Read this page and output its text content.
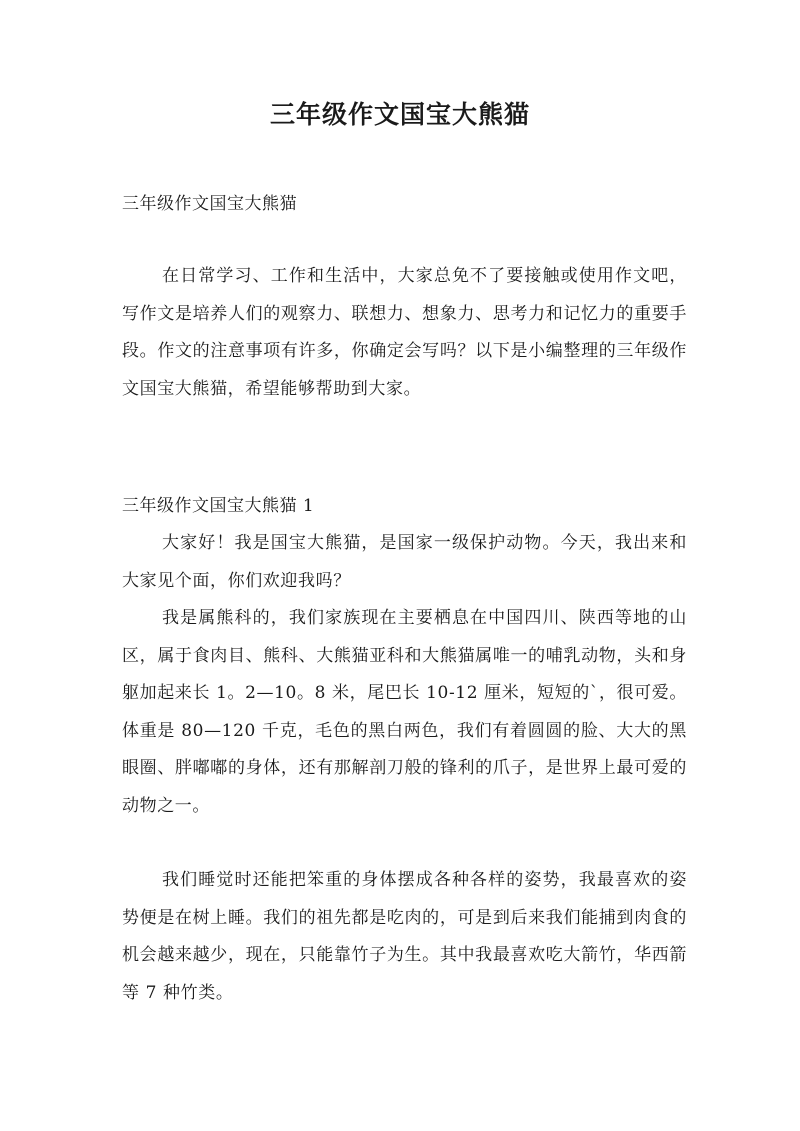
三年级作文国宝大熊猫
三年级作文国宝大熊猫

在日常学习、工作和生活中，大家总免不了要接触或使用作文吧，写作文是培养人们的观察力、联想力、想象力、思考力和记忆力的重要手段。作文的注意事项有许多，你确定会写吗？以下是小编整理的三年级作文国宝大熊猫，希望能够帮助到大家。

三年级作文国宝大熊猫 1

大家好！我是国宝大熊猫，是国家一级保护动物。今天，我出来和大家见个面，你们欢迎我吗？

我是属熊科的，我们家族现在主要栖息在中国四川、陕西等地的山区，属于食肉目、熊科、大熊猫亚科和大熊猫属唯一的哺乳动物，头和身躯加起来长 1。2—10。8 米，尾巴长 10-12 厘米，短短的`，很可爱。体重是 80—120 千克，毛色的黑白两色，我们有着圆圆的脸、大大的黑眼圈、胖嘟嘟的身体，还有那解剖刀般的锋利的爪子，是世界上最可爱的动物之一。

我们睡觉时还能把笨重的身体摆成各种各样的姿势，我最喜欢的姿势便是在树上睡。我们的祖先都是吃肉的，可是到后来我们能捕到肉食的机会越来越少，现在，只能靠竹子为生。其中我最喜欢吃大箭竹，华西箭等 7 种竹类。
